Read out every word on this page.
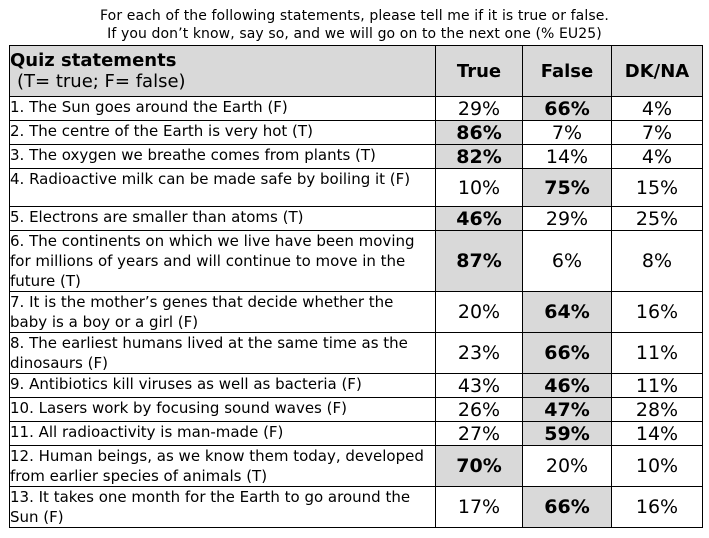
For each of the following statements, please tell me if it is true or false.
If you don’t know, say so, and we will go on to the next one (% EU25)
Quiz statements
(T= true; F= false)	True	False	DK/NA
1. The Sun goes around the Earth (F)	29%	66%	4%
2. The centre of the Earth is very hot (T)	86%	7%	7%
3. The oxygen we breathe comes from plants (T)	82%	14%	4%
4. Radioactive milk can be made safe by boiling it (F)	10%	75%	15%
5. Electrons are smaller than atoms (T)	46%	29%	25%
6. The continents on which we live have been moving for millions of years and will continue to move in the future (T)	87%	6%	8%
7. It is the mother’s genes that decide whether the baby is a boy or a girl (F)	20%	64%	16%
8. The earliest humans lived at the same time as the dinosaurs (F)	23%	66%	11%
9. Antibiotics kill viruses as well as bacteria (F)	43%	46%	11%
10. Lasers work by focusing sound waves (F)	26%	47%	28%
11. All radioactivity is man-made (F)	27%	59%	14%
12. Human beings, as we know them today, developed from earlier species of animals (T)	70%	20%	10%
13. It takes one month for the Earth to go around the Sun (F)	17%	66%	16%
